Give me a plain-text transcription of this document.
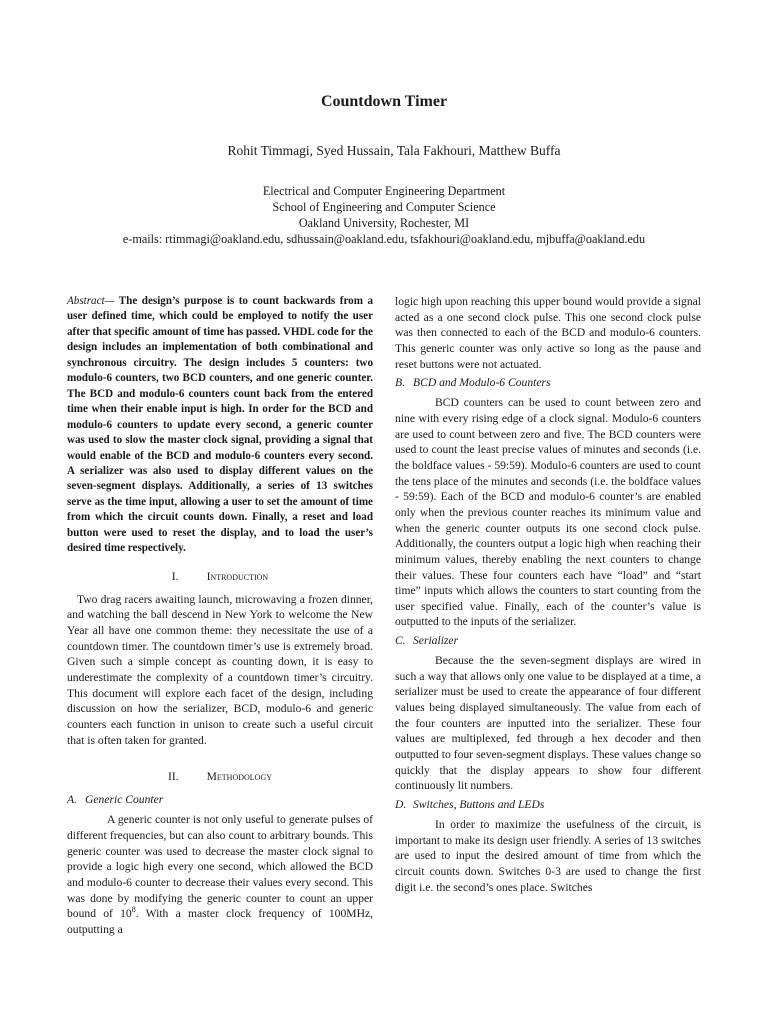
Countdown Timer
Rohit Timmagi, Syed Hussain, Tala Fakhouri, Matthew Buffa
Electrical and Computer Engineering Department
School of Engineering and Computer Science
Oakland University, Rochester, MI
e-mails: rtimmagi@oakland.edu, sdhussain@oakland.edu, tsfakhouri@oakland.edu, mjbuffa@oakland.edu

Abstract— The design’s purpose is to count backwards from a user defined time, which could be employed to notify the user after that specific amount of time has passed. VHDL code for the design includes an implementation of both combinational and synchronous circuitry. The design includes 5 counters: two modulo-6 counters, two BCD counters, and one generic counter. The BCD and modulo-6 counters count back from the entered time when their enable input is high. In order for the BCD and modulo-6 counters to update every second, a generic counter was used to slow the master clock signal, providing a signal that would enable of the BCD and modulo-6 counters every second. A serializer was also used to display different values on the seven-segment displays. Additionally, a series of 13 switches serve as the time input, allowing a user to set the amount of time from which the circuit counts down. Finally, a reset and load button were used to reset the display, and to load the user’s desired time respectively.

I. Introduction

Two drag racers awaiting launch, microwaving a frozen dinner, and watching the ball descend in New York to welcome the New Year all have one common theme: they necessitate the use of a countdown timer. The countdown timer’s use is extremely broad. Given such a simple concept as counting down, it is easy to underestimate the complexity of a countdown timer’s circuitry. This document will explore each facet of the design, including discussion on how the serializer, BCD, modulo-6 and generic counters each function in unison to create such a useful circuit that is often taken for granted.

II. Methodology
A. Generic Counter

A generic counter is not only useful to generate pulses of different frequencies, but can also count to arbitrary bounds. This generic counter was used to decrease the master clock signal to provide a logic high every one second, which allowed the BCD and modulo-6 counter to decrease their values every second. This was done by modifying the generic counter to count an upper bound of $10^8$. With a master clock frequency of 100MHz, outputting a

logic high upon reaching this upper bound would provide a signal acted as a one second clock pulse. This one second clock pulse was then connected to each of the BCD and modulo-6 counters. This generic counter was only active so long as the pause and reset buttons were not actuated.

B. BCD and Modulo-6 Counters

BCD counters can be used to count between zero and nine with every rising edge of a clock signal. Modulo-6 counters are used to count between zero and five. The BCD counters were used to count the least precise values of minutes and seconds (i.e. the boldface values - 59:59). Modulo-6 counters are used to count the tens place of the minutes and seconds (i.e. the boldface values - 59:59). Each of the BCD and modulo-6 counter’s are enabled only when the previous counter reaches its minimum value and when the generic counter outputs its one second clock pulse. Additionally, the counters output a logic high when reaching their minimum values, thereby enabling the next counters to change their values. These four counters each have “load” and “start time” inputs which allows the counters to start counting from the user specified value. Finally, each of the counter’s value is outputted to the inputs of the serializer.

C. Serializer

Because the the seven-segment displays are wired in such a way that allows only one value to be displayed at a time, a serializer must be used to create the appearance of four different values being displayed simultaneously. The value from each of the four counters are inputted into the serializer. These four values are multiplexed, fed through a hex decoder and then outputted to four seven-segment displays. These values change so quickly that the display appears to show four different continuously lit numbers.

D. Switches, Buttons and LEDs

In order to maximize the usefulness of the circuit, is important to make its design user friendly. A series of 13 switches are used to input the desired amount of time from which the circuit counts down. Switches 0-3 are used to change the first digit i.e. the second’s ones place. Switches
